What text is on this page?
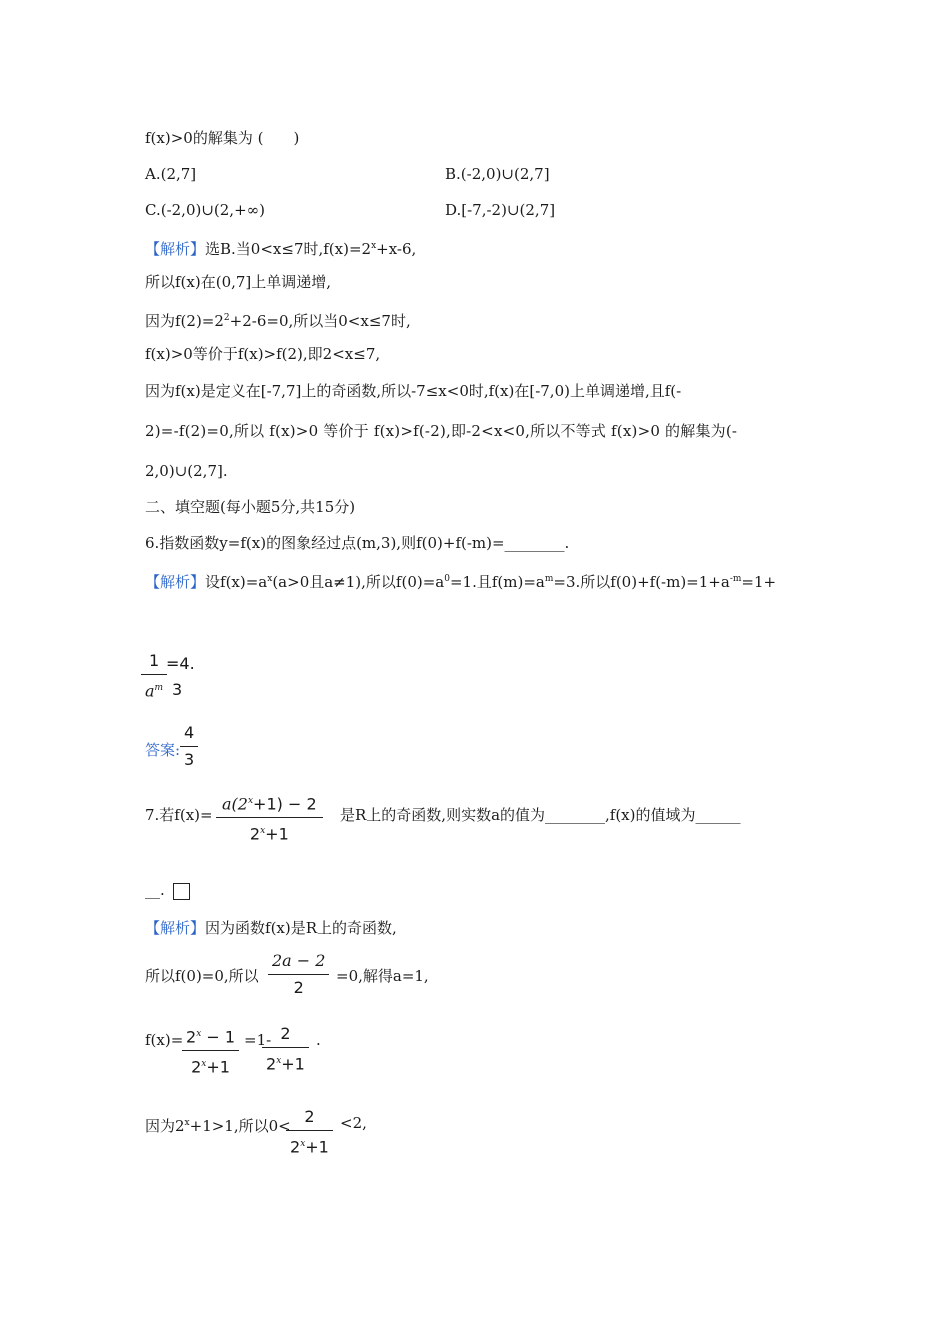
f(x)>0的解集为 (　　)
A.(2,7]	B.(-2,0)∪(2,7]
C.(-2,0)∪(2,+∞)	D.[-7,-2)∪(2,7]
【解析】选B.当0<x≤7时$,f(x)=2^x+x-6$,
所以f(x)在(0,7]上单调递增,
因为$f(2)=2^2+2-6=0$,所以当0<x≤7时,
f(x)>0等价于f(x)>f(2),即2<x≤7,
因为f(x)是定义在[-7,7]上的奇函数,所以-7≤x<0时,f(x)在[-7,0)上单调递增,且f(-
2)=-f(2)=0,所以 f(x)>0 等价于 f(x)>f(-2),即-2<x<0,所以不等式 f(x)>0 的解集为(-
2,0)∪(2,7].
二、填空题(每小题5分,共15分)
6.指数函数y=f(x)的图象经过点(m,3),则f(0)+f(-m)=________.
【解析】设$f(x)=a^x(a>0$且a≠1),所以$f(0)=a^0=1$.且$f(m)=a^m=3$.所以$f(0)+f(-m)=1+a^{-m}=1+$
$\frac{1}{a^m}$
=4.
3
答案: $\frac{4}{3}$
7.若$f(x)= \frac{a(2^x+1) - 2}{2^x+1}$ 是R上的奇函数,则实数a的值为________,f(x)的值域为______
__.
【解析】因为函数f(x)是R上的奇函数,
所以f(0)=0,所以 $\frac{2a - 2}{2} =0$,解得a=1,
f(x)=
$\frac{2^x - 1}{2^x+1} =1-$
$\frac{2}{2^x+1}$ .
因为$2^x+1>1$,所以0<
$\frac{2}{2^x+1} <2$,
